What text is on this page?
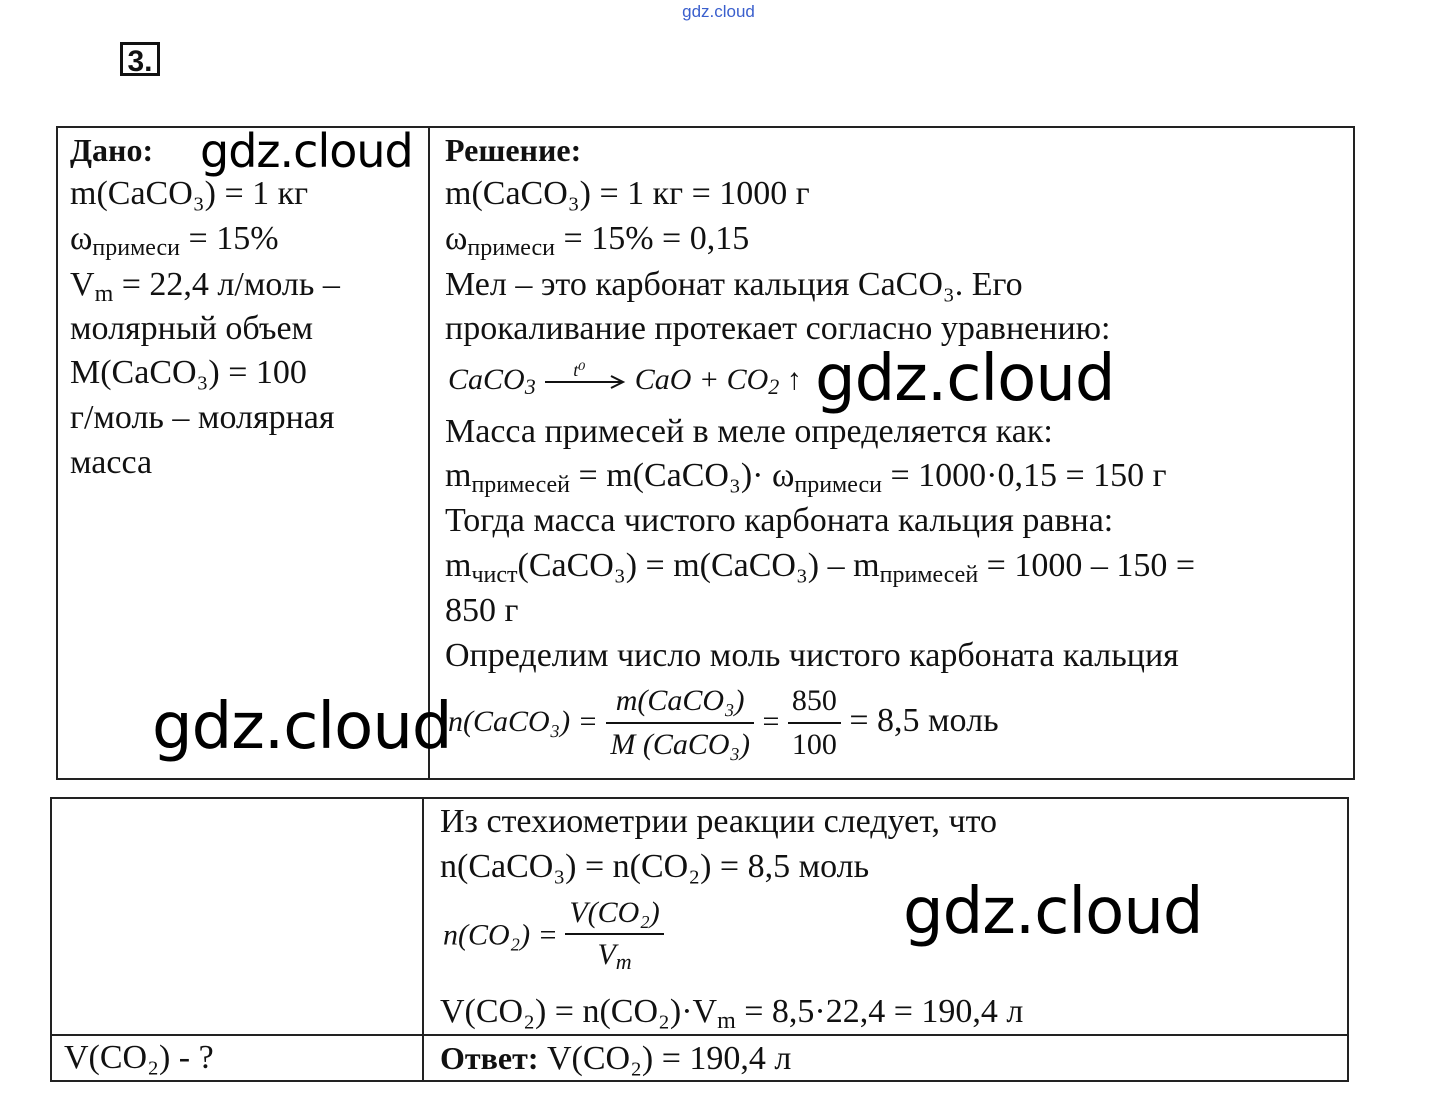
gdz.cloud
3.
Дано:
m(CaCO₃) = 1 кг
$\omega_{примеси} = 15\%$
$V_m = 22,4$ л/моль –
молярный объем
M(CaCO₃) = 100
г/моль – молярная
масса
Решение:
m(CaCO₃) = 1 кг = 1000 г
$\omega_{примеси} = 15\% = 0,15$
Мел – это карбонат кальция CaCO₃. Его
прокаливание протекает согласно уравнению:
CaCO3
t⁰ CaO + CO2 ↑
Масса примесей в меле определяется как:
$m_{примесей}$ = m(CaCO₃)· $\omega_{примеси} = 1000\cdot 0,15 = 150$ г
Тогда масса чистого карбоната кальция равна:
$m_{чист}(CaCO_3)$ = m(CaCO₃) – $m_{примесей} = 1000 - 150$ =
850 г
Определим число моль чистого карбоната кальция
n(CaCO₃) = $\frac{\text{m(CaCO₃)}}{\text{M (CaCO₃)}} = \frac{850}{100} = 8,5$ моль
Из стехиометрии реакции следует, что
n(CaCO₃) = n(CO₂) = 8,5 моль
$n(CO_2) = \frac{\text{V(CO₂)}}{Vm}$
$V(CO_2) = n(CO_2)\cdot V_m = 8,5\cdot 22,4 = 190,4$ л
V(CO₂) - ?	Ответ: V(CO₂) = 190,4 л
gdz.cloud
gdz.cloud
gdz.cloud
gdz.cloud
